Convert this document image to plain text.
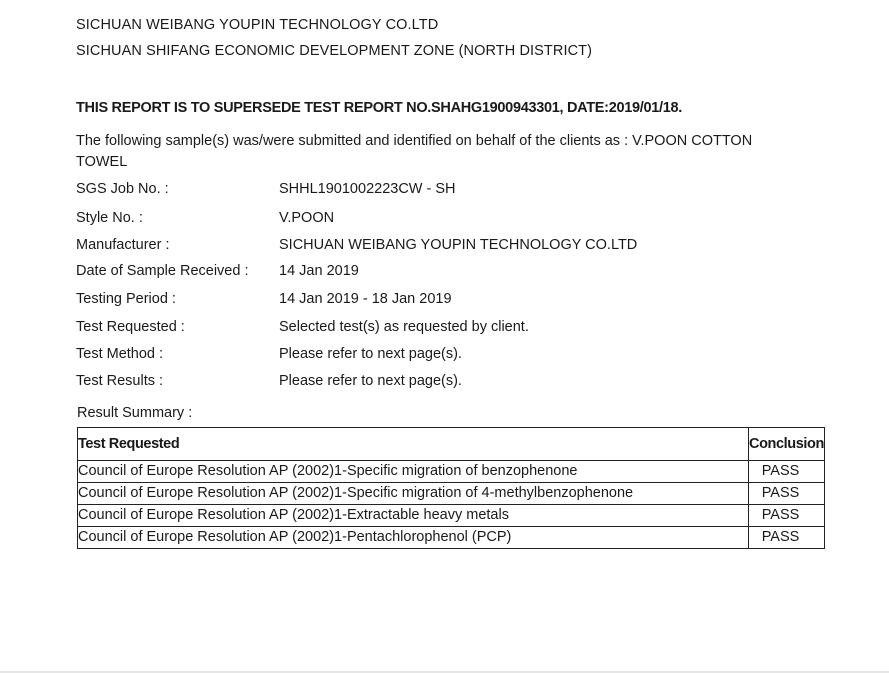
SICHUAN WEIBANG YOUPIN TECHNOLOGY CO.LTD
SICHUAN SHIFANG ECONOMIC DEVELOPMENT ZONE (NORTH DISTRICT)
THIS REPORT IS TO SUPERSEDE TEST REPORT NO.SHAHG1900943301, DATE:2019/01/18.
The following sample(s) was/were submitted and identified on behalf of the clients as : V.POON COTTON TOWEL
SGS Job No. :	SHHL1901002223CW - SH
Style No. :	V.POON
Manufacturer :	SICHUAN WEIBANG YOUPIN TECHNOLOGY CO.LTD
Date of Sample Received : 14 Jan 2019
Testing Period :	14 Jan 2019 - 18 Jan 2019
Test Requested :	Selected test(s) as requested by client.
Test Method :	Please refer to next page(s).
Test Results :	Please refer to next page(s).
Result Summary :
Test Requested	Conclusion
Council of Europe Resolution AP (2002)1-Specific migration of benzophenone	PASS
Council of Europe Resolution AP (2002)1-Specific migration of 4-methylbenzophenone	PASS
Council of Europe Resolution AP (2002)1-Extractable heavy metals	PASS
Council of Europe Resolution AP (2002)1-Pentachlorophenol (PCP)	PASS
